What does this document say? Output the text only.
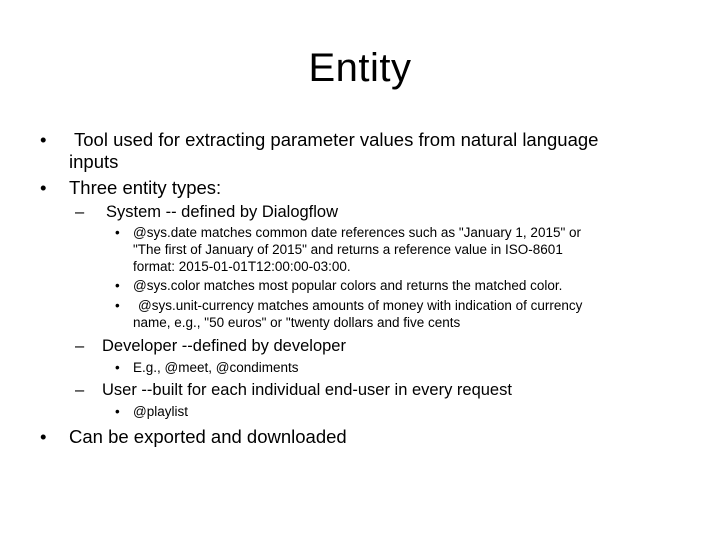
Entity
• Tool used for extracting parameter values from natural language
inputs
• Three entity types:
– System -- defined by Dialogflow
• @sys.date matches common date references such as "January 1, 2015" or
"The first of January of 2015" and returns a reference value in ISO-8601
format: 2015-01-01T12:00:00-03:00.
• @sys.color matches most popular colors and returns the matched color.
• @sys.unit-currency matches amounts of money with indication of currency
name, e.g., "50 euros" or "twenty dollars and five cents
– Developer --defined by developer
• E.g., @meet, @condiments
– User --built for each individual end-user in every request
• @playlist
• Can be exported and downloaded
